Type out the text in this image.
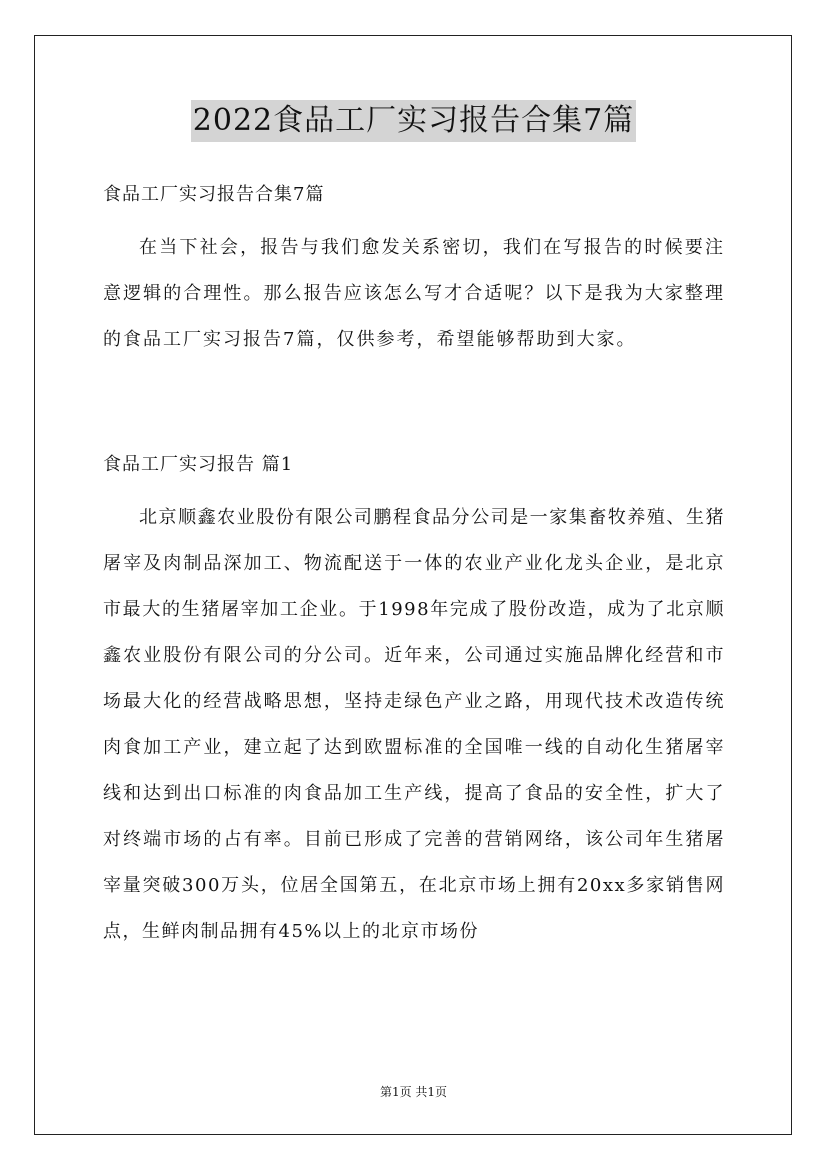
2022食品工厂实习报告合集7篇
食品工厂实习报告合集7篇
在当下社会，报告与我们愈发关系密切，我们在写报告的时候要注意逻辑的合理性。那么报告应该怎么写才合适呢？以下是我为大家整理的食品工厂实习报告7篇，仅供参考，希望能够帮助到大家。
食品工厂实习报告 篇1
北京顺鑫农业股份有限公司鹏程食品分公司是一家集畜牧养殖、生猪屠宰及肉制品深加工、物流配送于一体的农业产业化龙头企业，是北京市最大的生猪屠宰加工企业。于1998年完成了股份改造，成为了北京顺鑫农业股份有限公司的分公司。近年来，公司通过实施品牌化经营和市场最大化的经营战略思想，坚持走绿色产业之路，用现代技术改造传统肉食加工产业，建立起了达到欧盟标准的全国唯一线的自动化生猪屠宰线和达到出口标准的肉食品加工生产线，提高了食品的安全性，扩大了对终端市场的占有率。目前已形成了完善的营销网络，该公司年生猪屠宰量突破300万头，位居全国第五，在北京市场上拥有20xx多家销售网点，生鲜肉制品拥有45%以上的北京市场份
第1页 共1页
